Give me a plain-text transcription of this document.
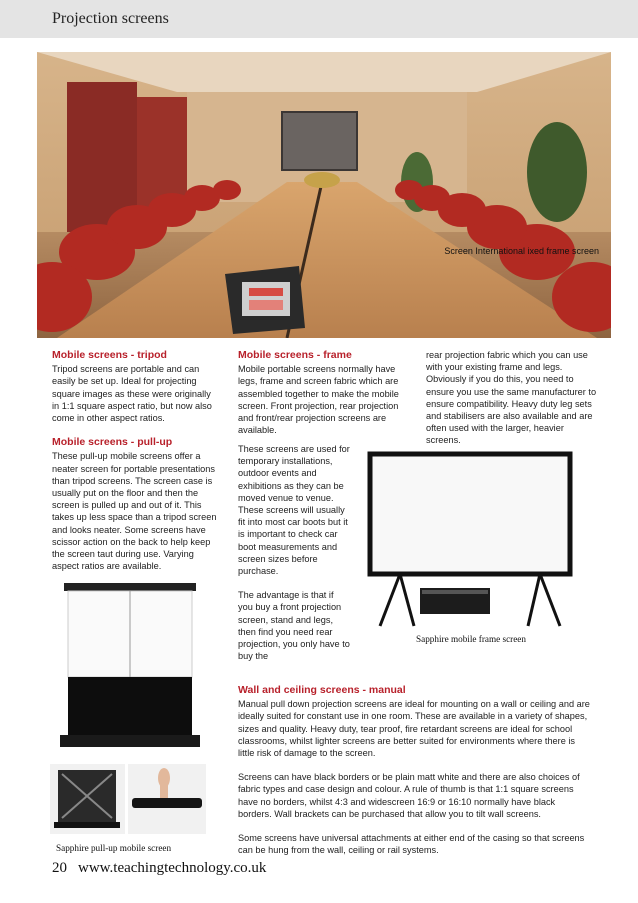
Projection screens
Screen International ixed frame screen
Mobile screens - tripod

Tripod screens are portable and can easily be set up. Ideal for projecting square images as these were originally in 1:1 square aspect ratio, but now also come in other aspect ratios.

Mobile screens - pull-up

These pull-up mobile screens offer a neater screen for portable presentations than tripod screens. The screen case is usually put on the floor and then the screen is pulled up and out of it. This takes up less space than a tripod screen and looks neater. Some screens have scissor action on the back to help keep the screen taut during use. Varying aspect ratios are available.

Mobile screens - frame

Mobile portable screens normally have legs, frame and screen fabric which are assembled together to make the mobile screen. Front projection, rear projection and front/rear projection screens are available.

These screens are used for temporary installations, outdoor events and exhibitions as they can be moved venue to venue. These screens will usually fit into most car boots but it is important to check car boot measurements and screen sizes before purchase.

The advantage is that if you buy a front projection screen, stand and legs, then find you need rear projection, you only have to buy the

rear projection fabric which you can use with your existing frame and legs. Obviously if you do this, you need to ensure you use the same manufacturer to ensure compatibility. Heavy duty leg sets and stabilisers are also available and are often used with the larger, heavier screens.

Sapphire mobile frame screen
Sapphire pull-up mobile screen
Wall and ceiling screens - manual

Manual pull down projection screens are ideal for mounting on a wall or ceiling and are ideally suited for constant use in one room. These are available in a variety of shapes, sizes and quality. Heavy duty, tear proof, fire retardant screens are ideal for school classrooms, whilst lighter screens are better suited for environments where there is little risk of damage to the screen.

Screens can have black borders or be plain matt white and there are also choices of fabric types and case design and colour. A rule of thumb is that 1:1 square screens have no borders, whilst 4:3 and widescreen 16:9 or 16:10 normally have black borders. Wall brackets can be purchased that allow you to tilt wall screens.

Some screens have universal attachments at either end of the casing so that screens can be hung from the wall, ceiling or rail systems.

20 www.teachingtechnology.co.uk
